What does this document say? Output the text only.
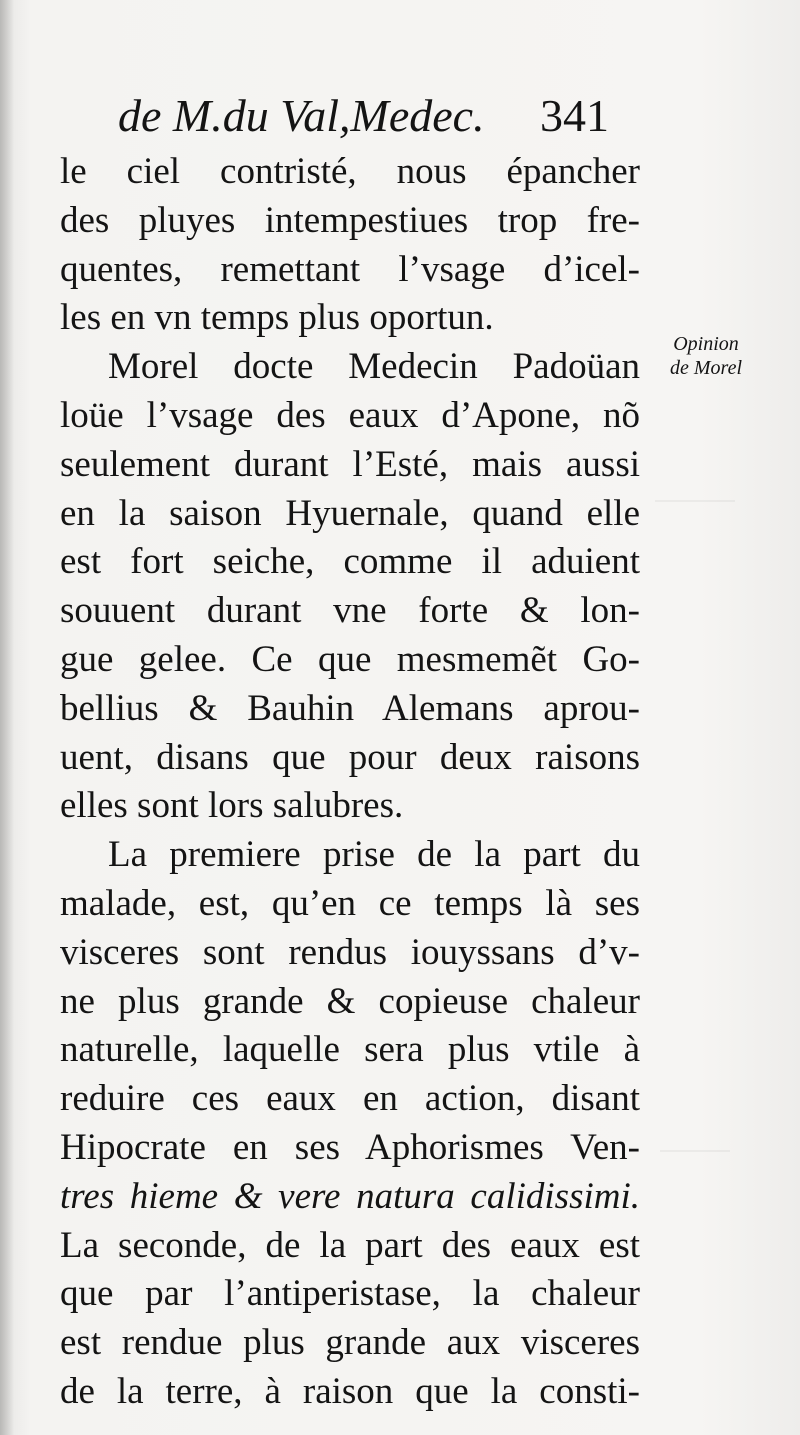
de M.du Val,Medec. 341
Opinion
de Morel
le ciel contristé, nous épancher
des pluyes intempestiues trop fre-
quentes, remettant l’vsage d’icel-
les en vn temps plus oportun.
Morel docte Medecin Padoüan
loüe l’vsage des eaux d’Apone, nõ
seulement durant l’Esté, mais aussi
en la saison Hyuernale, quand elle
est fort seiche, comme il aduient
souuent durant vne forte & lon-
gue gelee. Ce que mesmemẽt Go-
bellius & Bauhin Alemans aprou-
uent, disans que pour deux raisons
elles sont lors salubres.
La premiere prise de la part du
malade, est, qu’en ce temps là ses
visceres sont rendus iouyssans d’v-
ne plus grande & copieuse chaleur
naturelle, laquelle sera plus vtile à
reduire ces eaux en action, disant
Hipocrate en ses Aphorismes Ven-
tres hieme & vere natura calidissimi.
La seconde, de la part des eaux est
que par l’antiperistase, la chaleur
est rendue plus grande aux visceres
de la terre, à raison que la consti-
